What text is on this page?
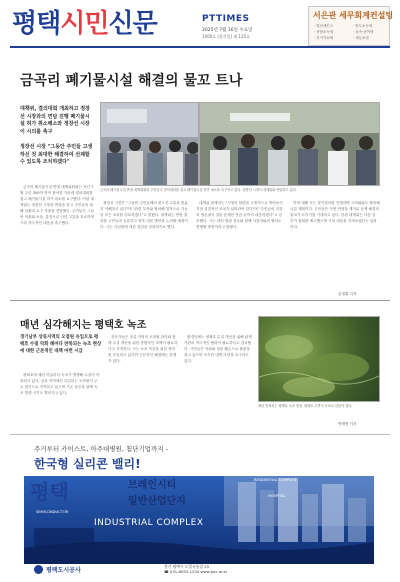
평택시민신문	PTTIMES
2025년 7월 16일 수요일
1000호 (창간일) 제 125호
서은관 세무회계컨설팅
· 법인세신고
· 종합소득세
· 부가가치세
· 양도소득세
· 상속·증여세
· 세무조정
금곡리 폐기물시설 해결의 물꼬 트나

대책위, 결의대회 개최하고 정장선 시장과의 면담 진행 폐기물시설 허가 취소해소와 정장선 시장이 시의를 촉구

정장선 시장 "그동안 주민들 고생하신 것 최대한 해결하여 선제할 수 있도록 조치하겠다"

금곡리 폐기물시설 반대 대책위원회는 지난 7월 주민 300여 명이 참석한 가운데 결의대회를 열고 폐기물시설 허가 취소를 요구했다. 이날 대책위는 정장선 시장과 면담을 갖고 주민들의 피해 상황과 요구 사항을 전달했다. 주민들은 그동안 악취와 소음, 분진으로 인한 고통을 호소하며 시의 적극적인 대응을 촉구했다.

금곡리 폐기물시설 반대 대책위원회 주민들이 결의대회를 열고 폐기물시설 허가 취소를 촉구하고 있다. 정장선 시장이 대책위와 면담하고 있다.

정장선 시장은 "그동안 주민들께서 겪으신 고통을 충분히 이해하고 있다"며 "관련 부서와 협의해 법적으로 가능한 모든 조치를 검토하겠다"고 밝혔다. 대책위는 면담 결과를 주민들과 공유하고 향후 대응 방안을 논의할 예정이다. 시는 사업장에 대한 점검을 강화하기로 했다.

대책위 관계자는 "시장의 답변을 긍정적으로 받아들이지만 실질적인 조치가 뒤따라야 한다"며 "주민들의 건강과 생존권이 걸린 문제인 만큼 끝까지 대응하겠다"고 강조했다. 시는 관련 법령 검토와 함께 사업자와의 협의도 병행할 방침이라고 밝혔다.

이에 대해 시는 정식절차를 진행하며 시의회와도 협의해 나갈 계획이다. 주민들은 이번 면담을 계기로 문제 해결의 물꼬가 트이기를 기대하고 있다. 한편 대책위는 다음 달 추가 집회를 예고했으며 시의 대응을 지켜보겠다는 입장이다.

김정훈 기자
매년 심각해지는 평택호 녹조

경기남부 상류지역의 오염원 유입으로 평택호 수질 악화 해마다 반복되는 녹조 현상에 대한 근본적인 대책 마련 시급

평택호에 매년 여름마다 녹조가 발생해 수질이 악화되고 있다. 상류 지역에서 유입되는 오염원이 주요 원인으로 지목되고 있으며 기온 상승과 함께 녹조 발생 시기도 빨라지고 있다.

전문가들은 상류 지역의 오염원 관리와 함께 수질 개선을 위한 종합적인 대책이 필요하다고 지적한다. 시는 녹조 저감을 위한 장비를 투입하고 있지만 근본적인 해결에는 한계가 있다.

환경단체는 평택호 수질 개선을 위해 관계 기관의 적극적인 협력이 필요하다고 강조했다. 시민들은 악취와 경관 훼손으로 불편을 겪고 있으며 조속한 대책 마련을 요구하고 있다.

매년 반복되는 평택호 녹조 현상. 평택호 수면이 녹조로 뒤덮여 있다.
박재영 기자
주거부터 카이스트, 아주대병원, 첨단기업까지 -
한국형 실리콘 밸리!
평택	브레인시티
일반산업단지
INDUSTRIAL COMPLEX
RESIDENTIAL COMPLEX
HOSPITAL
SEMICONDUCTOR
평택도시공사
경기 평택시 도일유통길 25
☎ 031-8053-1234 www.puc.or.kr
